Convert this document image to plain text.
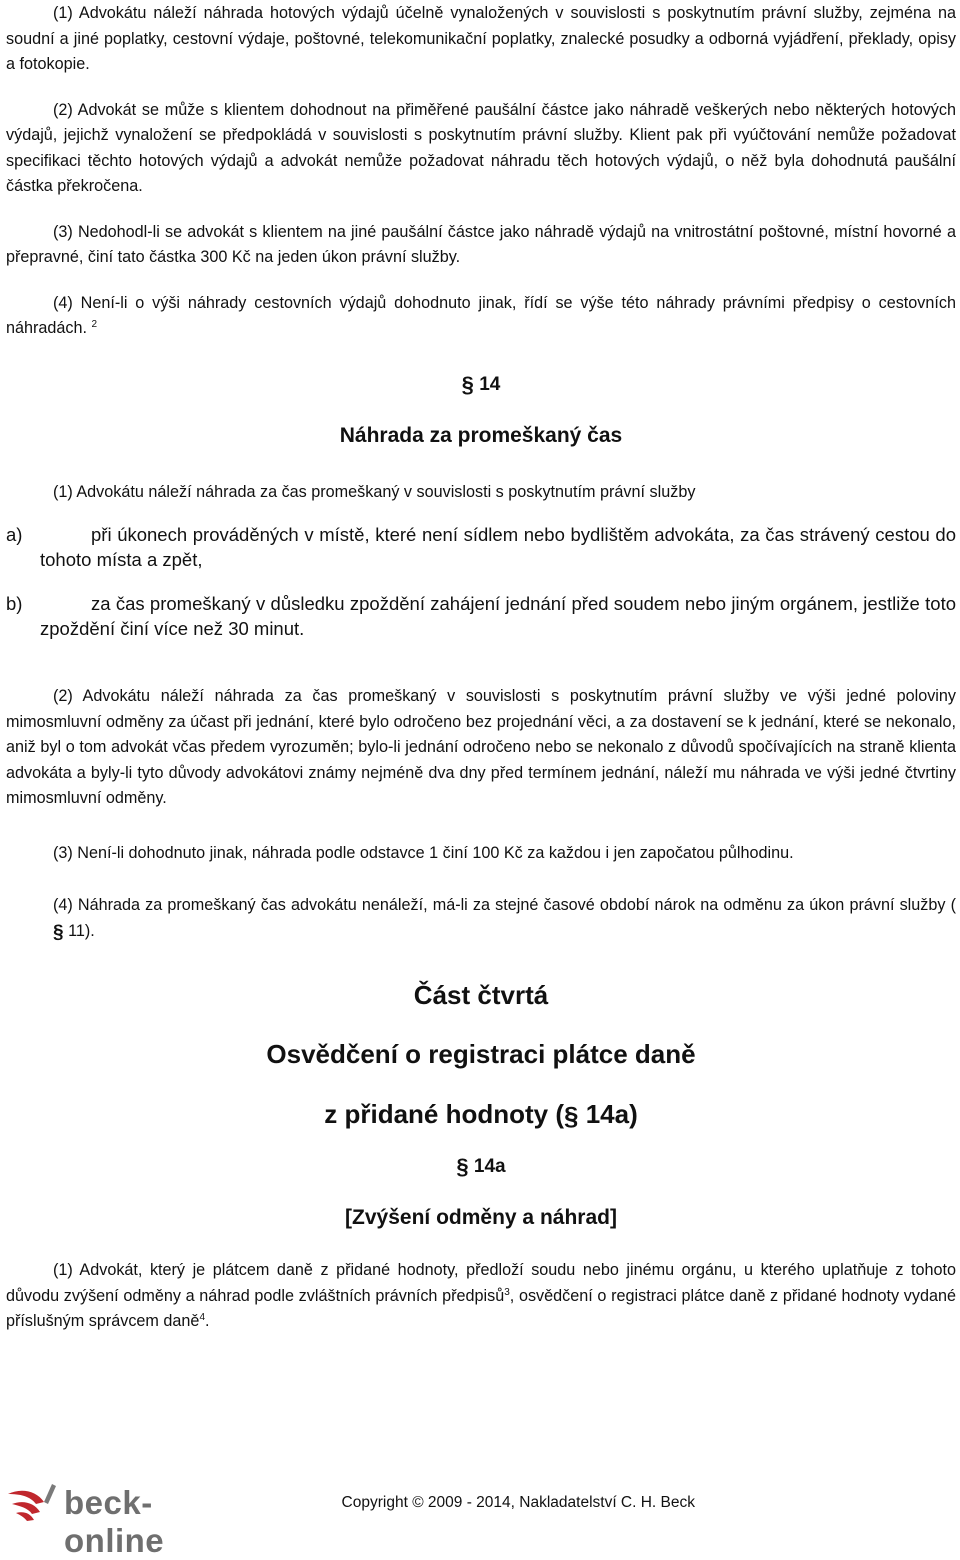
(1) Advokátu náleží náhrada hotových výdajů účelně vynaložených v souvislosti s poskytnutím právní služby, zejména na soudní a jiné poplatky, cestovní výdaje, poštovné, telekomunikační poplatky, znalecké posudky a odborná vyjádření, překlady, opisy a fotokopie.

(2) Advokát se může s klientem dohodnout na přiměřené paušální částce jako náhradě veškerých nebo některých hotových výdajů, jejichž vynaložení se předpokládá v souvislosti s poskytnutím právní služby. Klient pak při vyúčtování nemůže požadovat specifikaci těchto hotových výdajů a advokát nemůže požadovat náhradu těch hotových výdajů, o něž byla dohodnutá paušální částka překročena.

(3) Nedohodl-li se advokát s klientem na jiné paušální částce jako náhradě výdajů na vnitrostátní poštovné, místní hovorné a přepravné, činí tato částka 300 Kč na jeden úkon právní služby.

(4) Není-li o výši náhrady cestovních výdajů dohodnuto jinak, řídí se výše této náhrady právními předpisy o cestovních náhradách. $^2$

§ 14
Náhrada za promeškaný čas

(1) Advokátu náleží náhrada za čas promeškaný v souvislosti s poskytnutím právní služby

a)	při úkonech prováděných v místě, které není sídlem nebo bydlištěm advokáta, za čas strávený cestou do tohoto místa a zpět,
b)	za čas promeškaný v důsledku zpoždění zahájení jednání před soudem nebo jiným orgánem, jestliže toto zpoždění činí více než 30 minut.

(2) Advokátu náleží náhrada za čas promeškaný v souvislosti s poskytnutím právní služby ve výši jedné poloviny mimosmluvní odměny za účast při jednání, které bylo odročeno bez projednání věci, a za dostavení se k jednání, které se nekonalo, aniž byl o tom advokát včas předem vyrozuměn; bylo-li jednání odročeno nebo se nekonalo z důvodů spočívajících na straně klienta advokáta a byly-li tyto důvody advokátovi známy nejméně dva dny před termínem jednání, náleží mu náhrada ve výši jedné čtvrtiny mimosmluvní odměny.

(3) Není-li dohodnuto jinak, náhrada podle odstavce 1 činí 100 Kč za každou i jen započatou půlhodinu.

(4) Náhrada za promeškaný čas advokátu nenáleží, má-li za stejné časové období nárok na odměnu za úkon právní služby (§ 11).

Část čtvrtá
Osvědčení o registraci plátce daně
z přidané hodnoty (§ 14a)
§ 14a
[Zvýšení odměny a náhrad]

(1) Advokát, který je plátcem daně z přidané hodnoty, předloží soudu nebo jinému orgánu, u kterého uplatňuje z tohoto důvodu zvýšení odměny a náhrad podle zvláštních právních předpisů$^3$, osvědčení o registraci plátce daně z přidané hodnoty vydané příslušným správcem daně$^4$.

beck-online
Copyright © 2009 - 2014, Nakladatelství C. H. Beck
